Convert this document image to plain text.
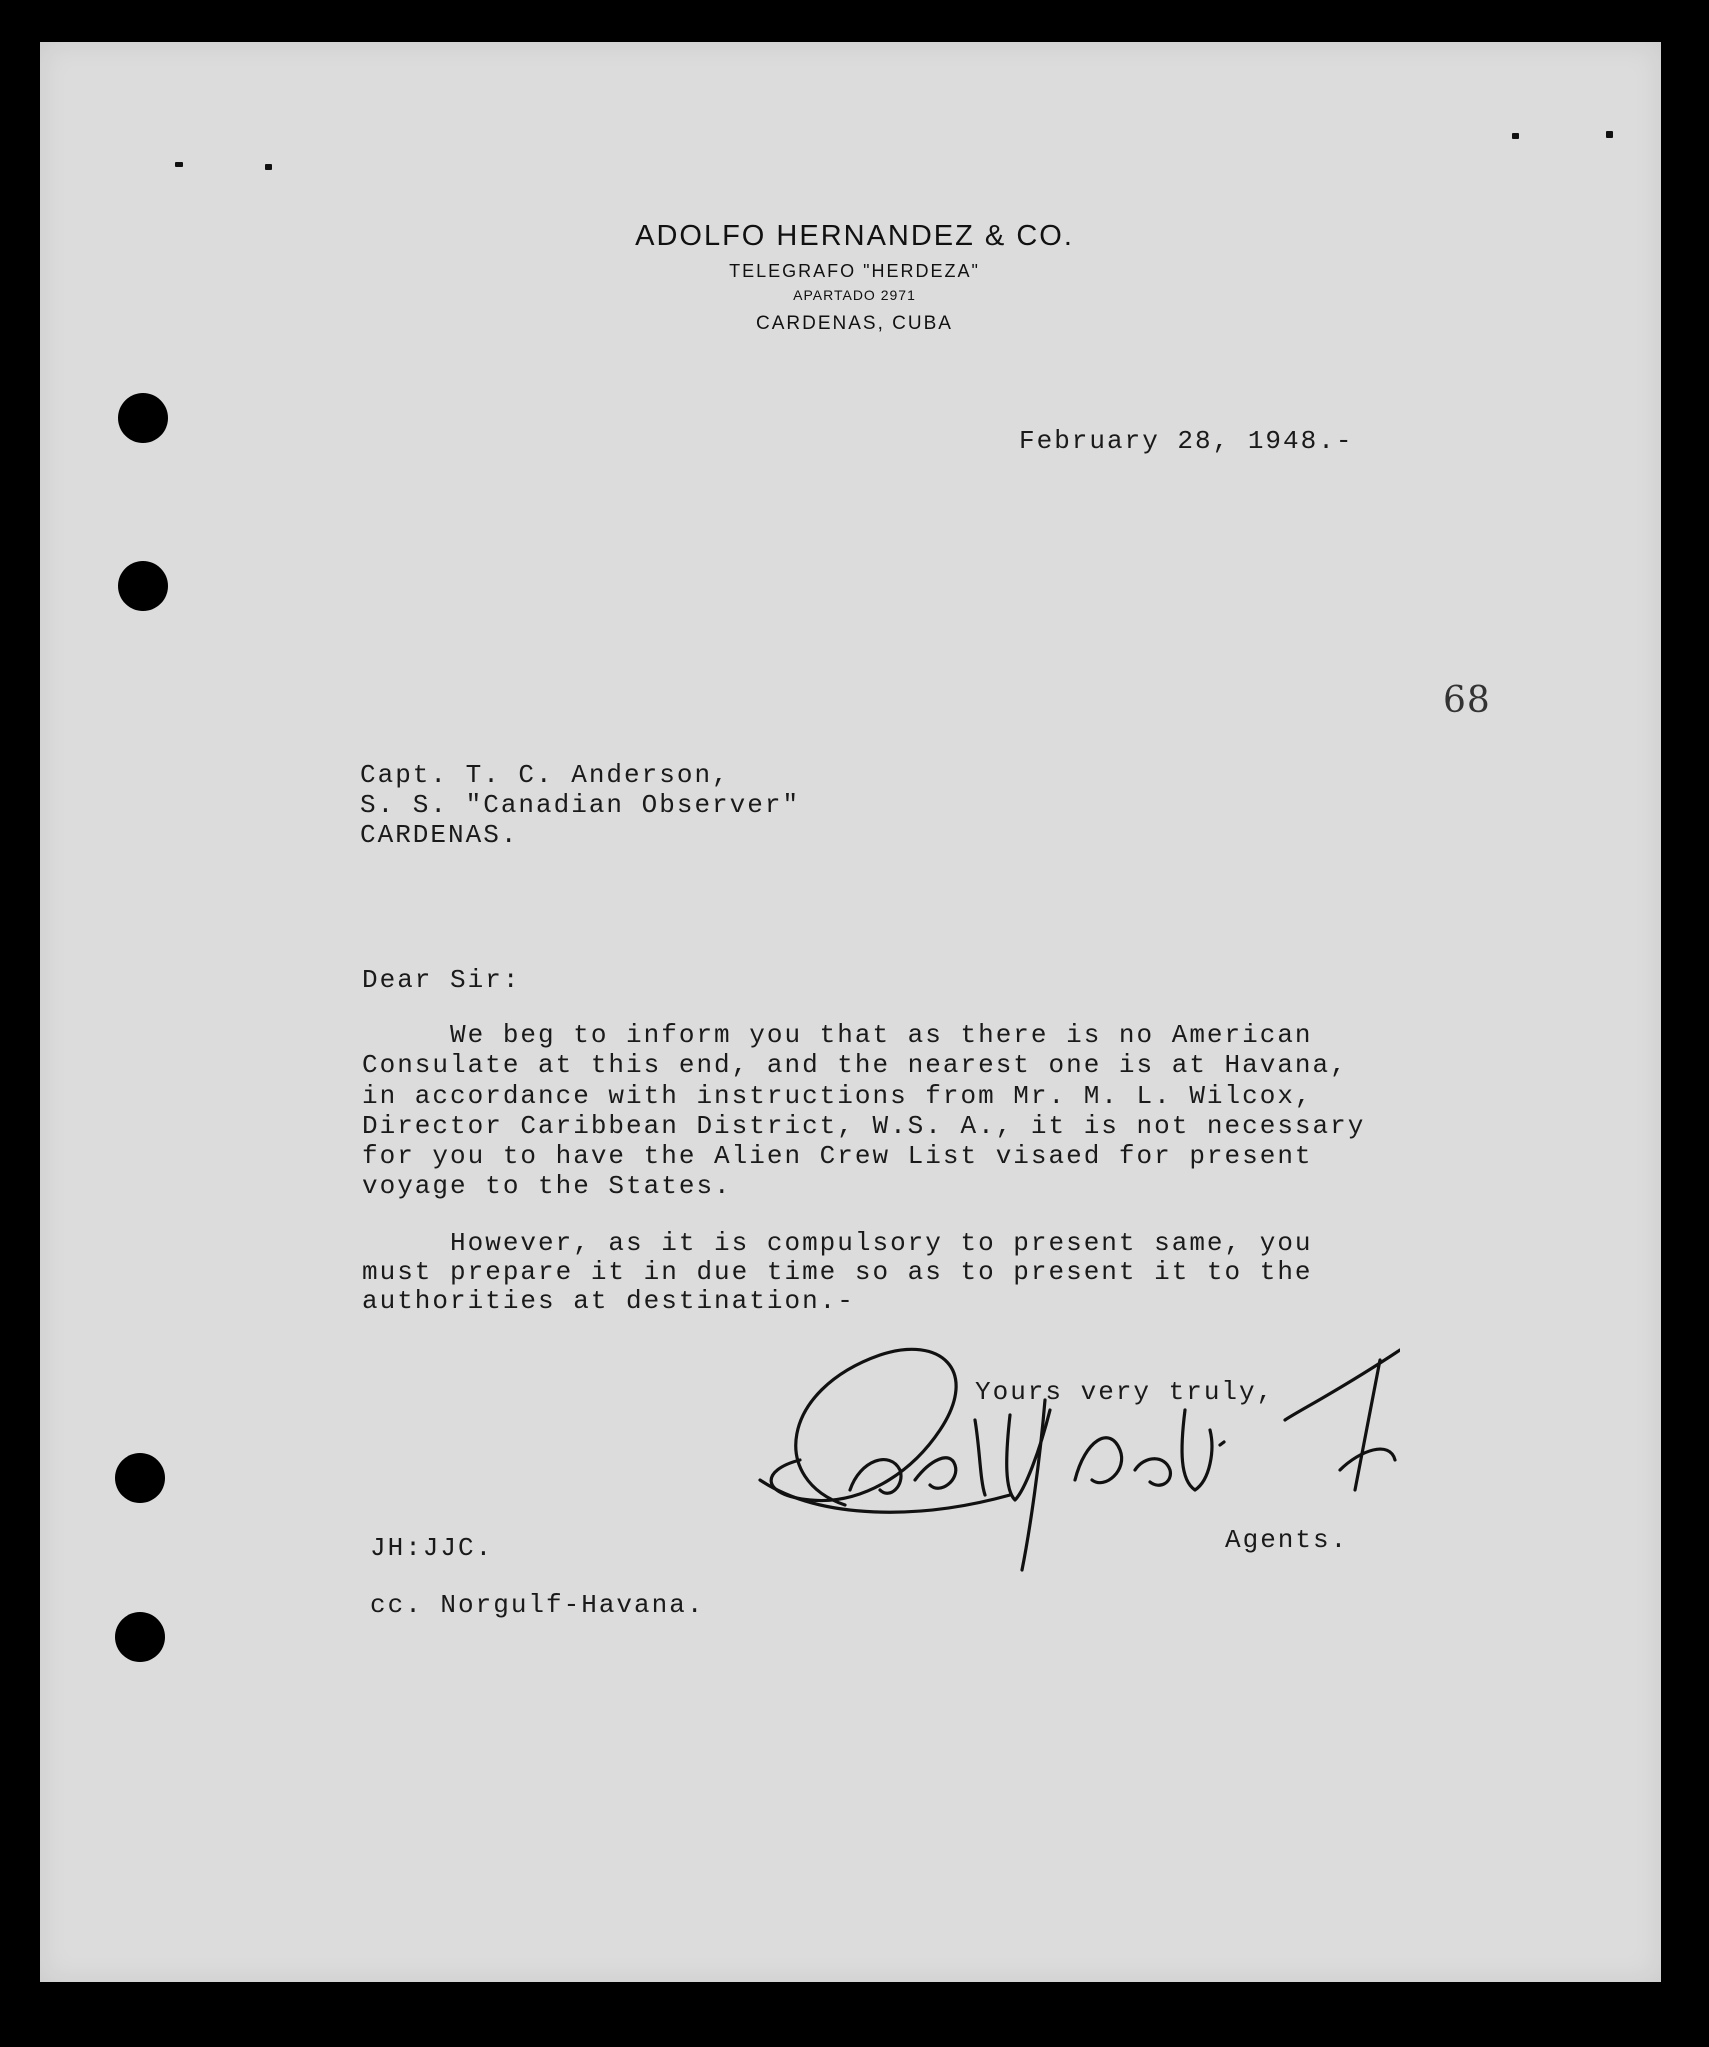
ADOLFO HERNANDEZ & CO.
TELEGRAFO "HERDEZA"
APARTADO 2971
CARDENAS, CUBA
February 28, 1948.-
68
Capt. T. C. Anderson,
S. S. "Canadian Observer"
CARDENAS.
Dear Sir:
We beg to inform you that as there is no American
Consulate at this end, and the nearest one is at Havana,
in accordance with instructions from Mr. M. L. Wilcox,
Director Caribbean District, W.S. A., it is not necessary
for you to have the Alien Crew List visaed for present
voyage to the States.
However, as it is compulsory to present same, you
must prepare it in due time so as to present it to the
authorities at destination.-
Yours very truly,
Agents.
JH:JJC.
cc. Norgulf-Havana.
